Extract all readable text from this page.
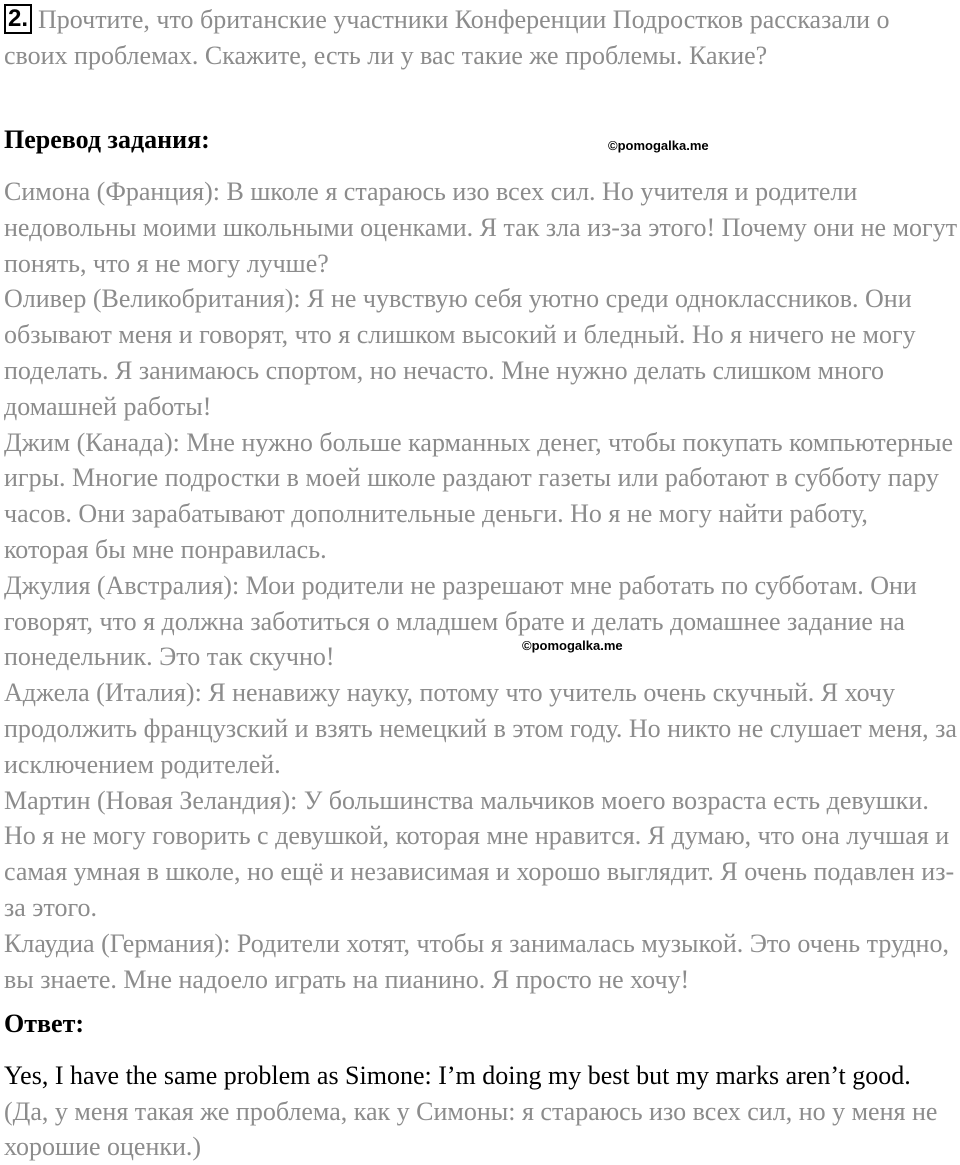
2. Прочтите, что британские участники Конференции Подростков рассказали о своих проблемах. Скажите, есть ли у вас такие же проблемы. Какие?
Перевод задания:	©pomogalka.me

Симона (Франция): В школе я стараюсь изо всех сил. Но учителя и родители недовольны моими школьными оценками. Я так зла из-за этого! Почему они не могут понять, что я не могу лучше?

Оливер (Великобритания): Я не чувствую себя уютно среди одноклассников. Они обзывают меня и говорят, что я слишком высокий и бледный. Но я ничего не могу поделать. Я занимаюсь спортом, но нечасто. Мне нужно делать слишком много домашней работы!

Джим (Канада): Мне нужно больше карманных денег, чтобы покупать компьютерные игры. Многие подростки в моей школе раздают газеты или работают в субботу пару часов. Они зарабатывают дополнительные деньги. Но я не могу найти работу, которая бы мне понравилась.

Джулия (Австралия): Мои родители не разрешают мне работать по субботам. Они говорят, что я должна заботиться о младшем брате и делать домашнее задание на понедельник. Это так скучно!

Аджела (Италия): Я ненавижу науку, потому что учитель очень скучный. Я хочу продолжить французский и взять немецкий в этом году. Но никто не слушает меня, за исключением родителей.

Мартин (Новая Зеландия): У большинства мальчиков моего возраста есть девушки. Но я не могу говорить с девушкой, которая мне нравится. Я думаю, что она лучшая и самая умная в школе, но ещё и независимая и хорошо выглядит. Я очень подавлен из-за этого.

Клаудиа (Германия): Родители хотят, чтобы я занималась музыкой. Это очень трудно, вы знаете. Мне надоело играть на пианино. Я просто не хочу!

©pomogalka.me
Ответ:

Yes, I have the same problem as Simone: I’m doing my best but my marks aren’t good. (Да, у меня такая же проблема, как у Симоны: я стараюсь изо всех сил, но у меня не хорошие оценки.)
